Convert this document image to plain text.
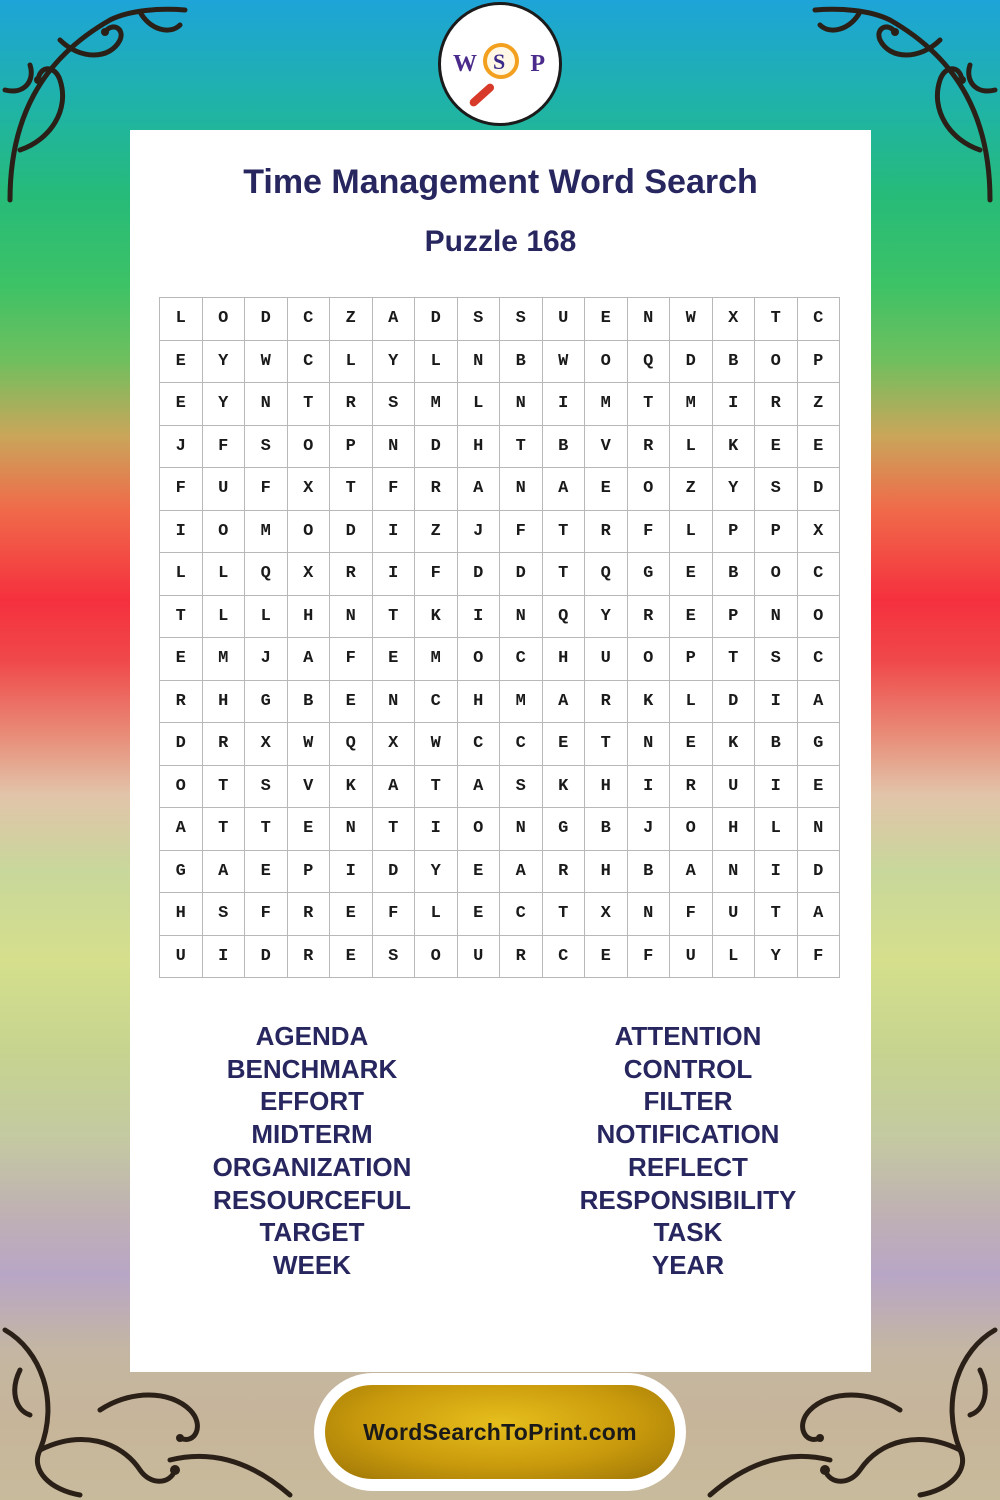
W S P
Time Management Word Search
Puzzle 168
L	O	D	C	Z	A	D	S	S	U	E	N	W	X	T	C
E	Y	W	C	L	Y	L	N	B	W	O	Q	D	B	O	P
E	Y	N	T	R	S	M	L	N	I	M	T	M	I	R	Z
J	F	S	O	P	N	D	H	T	B	V	R	L	K	E	E
F	U	F	X	T	F	R	A	N	A	E	O	Z	Y	S	D
I	O	M	O	D	I	Z	J	F	T	R	F	L	P	P	X
L	L	Q	X	R	I	F	D	D	T	Q	G	E	B	O	C
T	L	L	H	N	T	K	I	N	Q	Y	R	E	P	N	O
E	M	J	A	F	E	M	O	C	H	U	O	P	T	S	C
R	H	G	B	E	N	C	H	M	A	R	K	L	D	I	A
D	R	X	W	Q	X	W	C	C	E	T	N	E	K	B	G
O	T	S	V	K	A	T	A	S	K	H	I	R	U	I	E
A	T	T	E	N	T	I	O	N	G	B	J	O	H	L	N
G	A	E	P	I	D	Y	E	A	R	H	B	A	N	I	D
H	S	F	R	E	F	L	E	C	T	X	N	F	U	T	A
U	I	D	R	E	S	O	U	R	C	E	F	U	L	Y	F
AGENDA
BENCHMARK
EFFORT
MIDTERM
ORGANIZATION
RESOURCEFUL
TARGET
WEEK
ATTENTION
CONTROL
FILTER
NOTIFICATION
REFLECT
RESPONSIBILITY
TASK
YEAR
WordSearchToPrint.com
